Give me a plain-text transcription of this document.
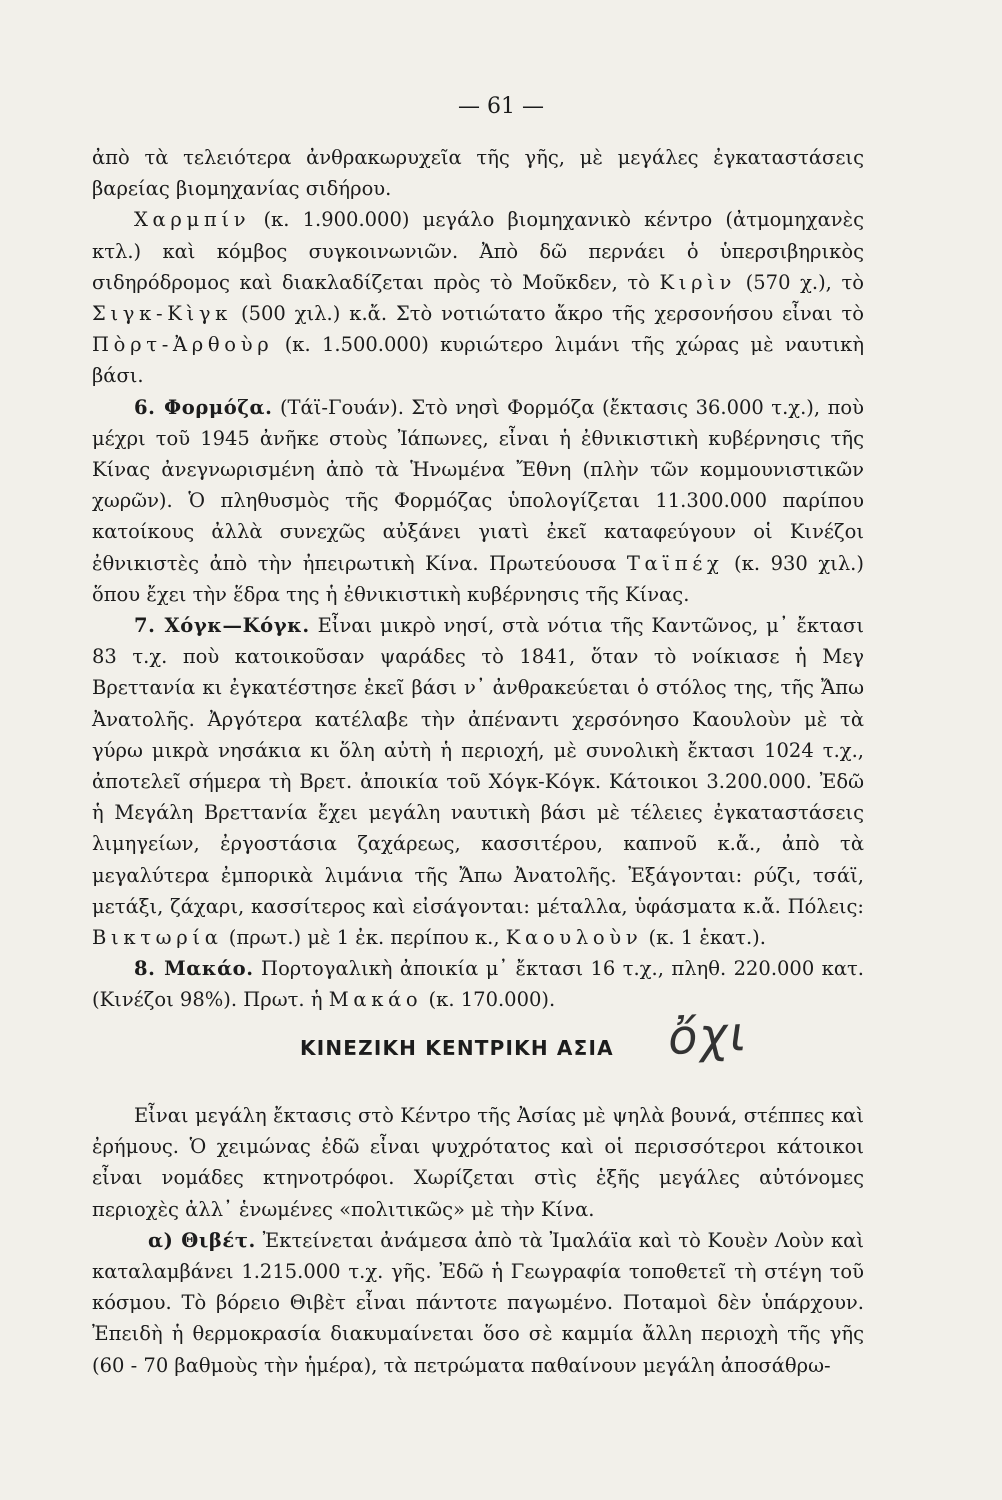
— 61 —

ἀπὸ τὰ τελειότερα ἀνθρακωρυχεῖα τῆς γῆς, μὲ μεγάλες ἐγκαταστάσεις βαρείας βιομηχανίας σιδήρου.

Χαρμπίν (κ. 1.900.000) μεγάλο βιομηχανικὸ κέντρο (ἀτμομηχανὲς κτλ.) καὶ κόμβος συγκοινωνιῶν. Ἀπὸ δῶ περνάει ὁ ὑπερσιβηρικὸς σιδηρόδρομος καὶ διακλαδίζεται πρὸς τὸ Μοῦκδεν, τὸ Κιρὶν (570 χ.), τὸ Σιγκ-Κὶγκ (500 χιλ.) κ.ἄ. Στὸ νοτιώτατο ἄκρο τῆς χερσονήσου εἶναι τὸ Πὸρτ-Ἀρθοὺρ (κ. 1.500.000) κυριώτερο λιμάνι τῆς χώρας μὲ ναυτικὴ βάσι.

6. Φορμόζα. (Τάϊ-Γουάν). Στὸ νησὶ Φορμόζα (ἔκτασις 36.000 τ.χ.), ποὺ μέχρι τοῦ 1945 ἀνῆκε στοὺς Ἰάπωνες, εἶναι ἡ ἐθνικιστικὴ κυβέρνησις τῆς Κίνας ἀνεγνωρισμένη ἀπὸ τὰ Ἡνωμένα Ἔθνη (πλὴν τῶν κομμουνιστικῶν χωρῶν). Ὁ πληθυσμὸς τῆς Φορμόζας ὑπολογίζεται 11.300.000 παρίπου κατοίκους ἀλλὰ συνεχῶς αὐξάνει γιατὶ ἐκεῖ καταφεύγουν οἱ Κινέζοι ἐθνικιστὲς ἀπὸ τὴν ἠπειρωτικὴ Κίνα. Πρωτεύουσα Ταϊπέχ (κ. 930 χιλ.) ὅπου ἔχει τὴν ἕδρα της ἡ ἐθνικιστικὴ κυβέρνησις τῆς Κίνας.

7. Χόγκ—Κόγκ. Εἶναι μικρὸ νησί, στὰ νότια τῆς Καντῶνος, μ᾽ ἔκτασι 83 τ.χ. ποὺ κατοικοῦσαν ψαράδες τὸ 1841, ὅταν τὸ νοίκιασε ἡ Μεγ Βρεττανία κι ἐγκατέστησε ἐκεῖ βάσι ν᾽ ἀνθρακεύεται ὁ στόλος της, τῆς Ἄπω Ἀνατολῆς. Ἀργότερα κατέλαβε τὴν ἀπέναντι χερσόνησο Καουλοὺν μὲ τὰ γύρω μικρὰ νησάκια κι ὅλη αὐτὴ ἡ περιοχή, μὲ συνολικὴ ἔκτασι 1024 τ.χ., ἀποτελεῖ σήμερα τὴ Βρετ. ἀποικία τοῦ Χόγκ-Κόγκ. Κάτοικοι 3.200.000. Ἐδῶ ἡ Μεγάλη Βρεττανία ἔχει μεγάλη ναυτικὴ βάσι μὲ τέλειες ἐγκαταστάσεις λιμηγείων, ἐργοστάσια ζαχάρεως, κασσιτέρου, καπνοῦ κ.ἄ., ἀπὸ τὰ μεγαλύτερα ἐμπορικὰ λιμάνια τῆς Ἄπω Ἀνατολῆς. Ἐξάγονται: ρύζι, τσάϊ, μετάξι, ζάχαρι, κασσίτερος καὶ εἰσάγονται: μέταλλα, ὑφάσματα κ.ἄ. Πόλεις: Βικτωρία (πρωτ.) μὲ 1 ἐκ. περίπου κ., Καουλοὺν (κ. 1 ἑκατ.).

8. Μακάο. Πορτογαλικὴ ἀποικία μ᾽ ἔκτασι 16 τ.χ., πληθ. 220.000 κατ. (Κινέζοι 98%). Πρωτ. ἡ Μακάο (κ. 170.000).

ΚΙΝΕΖΙΚΗ ΚΕΝΤΡΙΚΗ ΑΣΙΑ ὄχι

Εἶναι μεγάλη ἔκτασις στὸ Κέντρο τῆς Ἀσίας μὲ ψηλὰ βουνά, στέππες καὶ ἐρήμους. Ὁ χειμώνας ἐδῶ εἶναι ψυχρότατος καὶ οἱ περισσότεροι κάτοικοι εἶναι νομάδες κτηνοτρόφοι. Χωρίζεται στὶς ἑξῆς μεγάλες αὐτόνομες περιοχὲς ἀλλ᾽ ἑνωμένες «πολιτικῶς» μὲ τὴν Κίνα.

α) Θιβέτ. Ἐκτείνεται ἀνάμεσα ἀπὸ τὰ Ἰμαλάϊα καὶ τὸ Κουὲν Λοὺν καὶ καταλαμβάνει 1.215.000 τ.χ. γῆς. Ἐδῶ ἡ Γεωγραφία τοποθετεῖ τὴ στέγη τοῦ κόσμου. Τὸ βόρειο Θιβὲτ εἶναι πάντοτε παγωμένο. Ποταμοὶ δὲν ὑπάρχουν. Ἐπειδὴ ἡ θερμοκρασία διακυμαίνεται ὅσο σὲ καμμία ἄλλη περιοχὴ τῆς γῆς (60 - 70 βαθμοὺς τὴν ἡμέρα), τὰ πετρώματα παθαίνουν μεγάλη ἀποσάθρω-
